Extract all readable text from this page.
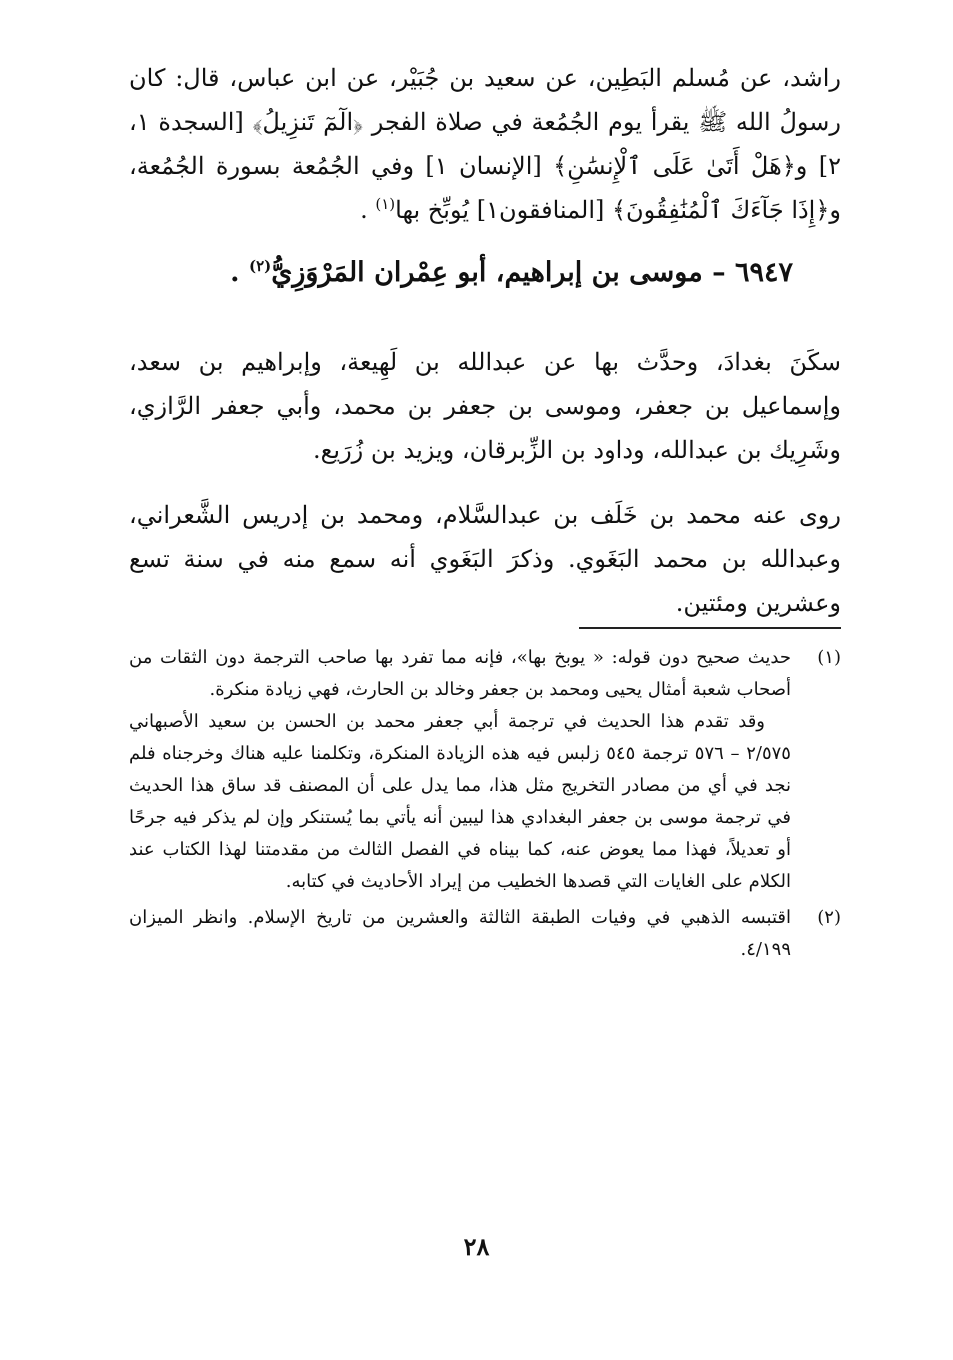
راشد، عن مُسلم البَطِين، عن سعيد بن جُبَيْر، عن ابن عباس، قال: كان رسولُ الله ﷺ يقرأ يوم الجُمُعة في صلاة الفجر ﴿الٓمٓ تَنزِيلُ﴾ [السجدة ١، ٢] و﴿هَلْ أَتَىٰ عَلَى ٱلْإِنسَٰنِ﴾ [الإنسان ١] وفي الجُمُعة بسورة الجُمُعة، و﴿إِذَا جَآءَكَ ٱلْمُنَٰفِقُونَ﴾ [المنافقون١] يُوبِّخ بها$^{(١)}$ .
٦٩٤٧ – موسى بن إبراهيم، أبو عِمْران المَرْوَزِيُّ$^{(٢)}$ .
سكَنَ بغدادَ، وحدَّث بها عن عبدالله بن لَهِيعة، وإبراهيم بن سعد، وإسماعيل بن جعفر، وموسى بن جعفر بن محمد، وأبي جعفر الرَّازي، وشَرِيك بن عبدالله، وداود بن الزِّبرقان، ويزيد بن زُرَيع.
روى عنه محمد بن خَلَف بن عبدالسَّلام، ومحمد بن إدريس الشَّعراني، وعبدالله بن محمد البَغَوي. وذكرَ البَغَوي أنه سمع منه في سنة تسع وعشرين ومئتين.
(١)

حديث صحيح دون قوله: « يوبخ بها»، فإنه مما تفرد بها صاحب الترجمة دون الثقات من أصحاب شعبة أمثال يحيى ومحمد بن جعفر وخالد بن الحارث، فهي زيادة منكرة.

وقد تقدم هذا الحديث في ترجمة أبي جعفر محمد بن الحسن بن سعيد الأصبهاني ٢/٥٧٥ – ٥٧٦ ترجمة ٥٤٥ زلبس فيه هذه الزيادة المنكرة، وتكلمنا عليه هناك وخرجناه فلم نجد في أي من مصادر التخريج مثل هذا، مما يدل على أن المصنف قد ساق هذا الحديث في ترجمة موسى بن جعفر البغدادي هذا ليبين أنه يأتي بما يُستنكر وإن لم يذكر فيه جرحًا أو تعديلاً، فهذا مما يعوض عنه، كما بيناه في الفصل الثالث من مقدمتنا لهذا الكتاب عند الكلام على الغايات التي قصدها الخطيب من إيراد الأحاديث في كتابه.

(٢)

اقتبسه الذهبي في وفيات الطبقة الثالثة والعشرين من تاريخ الإسلام. وانظر الميزان ٤/١٩٩.

٢٨
